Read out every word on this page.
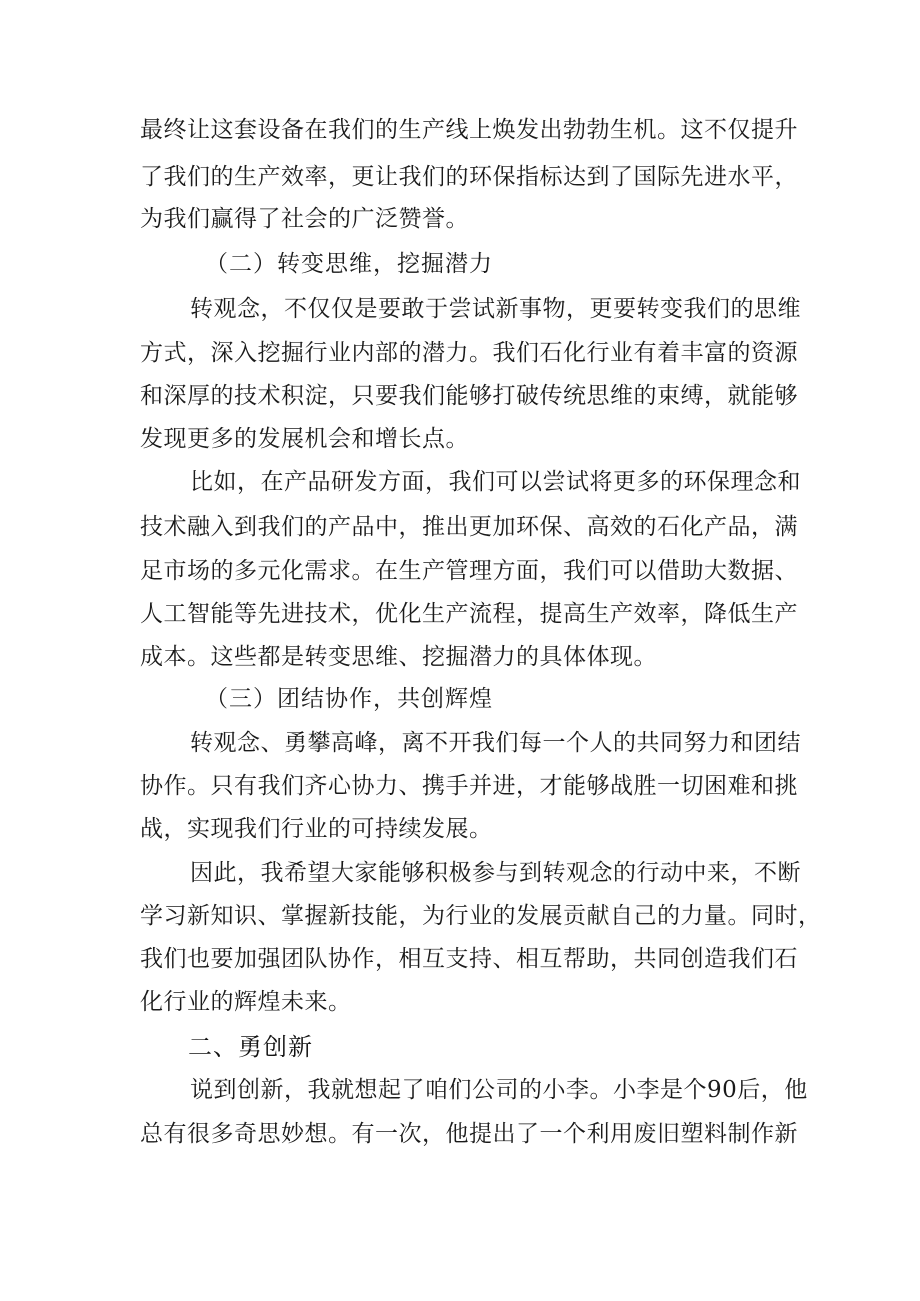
最终让这套设备在我们的生产线上焕发出勃勃生机。这不仅提升
了我们的生产效率，更让我们的环保指标达到了国际先进水平，
为我们赢得了社会的广泛赞誉。
（二）转变思维，挖掘潜力
转观念，不仅仅是要敢于尝试新事物，更要转变我们的思维
方式，深入挖掘行业内部的潜力。我们石化行业有着丰富的资源
和深厚的技术积淀，只要我们能够打破传统思维的束缚，就能够
发现更多的发展机会和增长点。
比如，在产品研发方面，我们可以尝试将更多的环保理念和
技术融入到我们的产品中，推出更加环保、高效的石化产品，满
足市场的多元化需求。在生产管理方面，我们可以借助大数据、
人工智能等先进技术，优化生产流程，提高生产效率，降低生产
成本。这些都是转变思维、挖掘潜力的具体体现。
（三）团结协作，共创辉煌
转观念、勇攀高峰，离不开我们每一个人的共同努力和团结
协作。只有我们齐心协力、携手并进，才能够战胜一切困难和挑
战，实现我们行业的可持续发展。
因此，我希望大家能够积极参与到转观念的行动中来，不断
学习新知识、掌握新技能，为行业的发展贡献自己的力量。同时，
我们也要加强团队协作，相互支持、相互帮助，共同创造我们石
化行业的辉煌未来。
二、勇创新
说到创新，我就想起了咱们公司的小李。小李是个90后，他
总有很多奇思妙想。有一次，他提出了一个利用废旧塑料制作新
